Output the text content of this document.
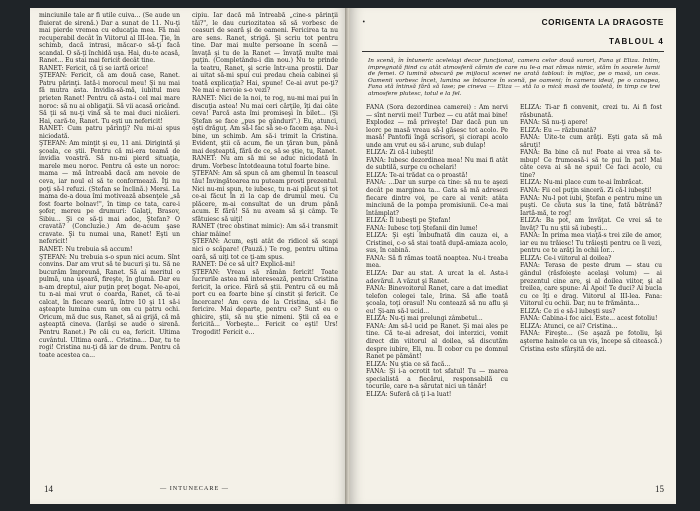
minciunile tale ar fi utile cuiva... (Se aude un fluierat de sirenă.) Dar a sunat de 11. Nu-ţi mai pierde vremea cu educaţia mea. Fă mai recuperabil decât în Viitorul al III-lea. Ţie, în schimb, dacă intrasi, măcar-o să-ţi facă scandal. O să-ţi închidă uşa. Hai, du-te acasă, Ranet... Eu stai mai fericit decât tine.
RANET: Fericit, că ţi se iartă orice!
ŞTEFAN: Fericit, că am două case, Ranet. Patru părinţi. Iată-i morocul meu! Şi nu mai fă mutra asta. Invidia-să-mă, iubitul meu prieten Ranet! Pentru că asta-i cel mai mare noroc: să nu ai obligaţii. Să vii acasă oricând. Să ţii să nu-ţi vină să te mai duci nicăieri. Hai, cară-te, Ranet. Tu eşti un nefericit!
RANET: Cum patru părinţi? Nu mi-ai spus niciodată.
ŞTEFAN: Am minţit şi eu, 11 ani. Dirigintă şi şcoala, ce ştii. Pentru că mi-era teamă de invidia voastră. Să nu-mi pierd situaţia, marele meu noroc. Pentru că este un noroc: mama — mă întreabă dacă am nevoie de ceva, iar noul el să te conformează. Îţi nu poţi să-l refuzi. (Stefan se înclină.) Mersi. La mama de-a doua îmi motivează absenţele „să fost foarte bolnav!", în timp ce tata, care-i şofer, mereu pe drumuri: Galaţi, Brasov, Sibiu... Şi ce să-ţi mai adoc, Ştefan? O cravată? (Concluzie.) Am de-acum şase cravate. Şi tu numai una, Ranet! Eşti un nefericit!
RANET: Nu trebuia să accum!
ŞTEFAN: Nu trebuia s-o spun nici acum. Sînt convins. Dar am vrut să te bucuri şi tu. Să ne bucurăm împreună, Ranet. Să ai meritul o pulmă, una uşoară, fireşte, în glumă. Dar eu n-am dreptul, aiur puţin preţ bogat. Ne-apoi, tu n-ai mai vrut o coarda, Ranet, că te-ai calcat, în fiecare seară, între 10 şi 11 să-i aşteapte lumina cum un om cu patru ochi. Oricum, mă duc sus, Ranet, să ai grijă, că mă aşteaptă cineva. (Iarăşi se aude o sirenă. Pentru Ranet.) Pe căi cu ea, fericit. Ultima cuvântul. Ultima oară... Cristina... Dar, tu te rogi! Cristina nu-ţi dă iar de drum. Pentru că toate acestea ca...
cipiu. Iar dacă mă întreabă „cine-s părinţii tăi?", le dau curiozitatea să să vorbesc de ceasuri de seară şi de oameni. Fericirea ta nu are sens. Ranet, strigă. Şi scriu tot pentru tine. Dar mai multe persoane în scenă — învaţă şi tu de la Ranet — învaţă multe mai puţin. (Completându-i din nou.) Nu te prinde la teatru, Ranet, şi scrie într-una prostii. Dar ai uitat să-mi spui cui predau cheia cabinei şi toată explicaţia? Hai, spune! Ce-ai avut pe-ţi? Ne mai e nevoie s-o vezi?
RANET: Nici de la noi, te rog, nu-mi mai pui în discuţia astea! Nu mai ceri cărţile, îţi dai câte ceva! Parcă asta îmi promiseşi în bilet... (Şi Ştefan se face „pus pe gânduri".) Eu, atunci, eşti drăguţ. Am să-l fac să se-o facem aşa. Nu-i bine, un schimb. Am să-i trimit la Cristina. Evident, ştii că acum, fie un ţăran bun, până mai deşteaptă, fără de ce, să se ştie, tu, Ranet.
RANET: Nu am să mi se aduc niciodată în drum. Vorbesc întotdeauna totul foarte bine.
ŞTEFAN: Am să spun că am ghemul în teascul tău! Învingătoarea nu puteam prosti prezentul. Nici nu-mi spun, te iubesc, tu n-ai plăcut şi tot ce-ai făcut în zi la cap de drumul meu. Cu plăcere, m-ai consultat de un drum până acum. E fără! Să nu aveam să şi câmp. Te sfătuiesc să uiţi!
RANET (trec obstinat mimic): Am să-i transmit chiar mâine!
ŞTEFAN: Acum, eşti atât de ridicol să scapi nici o scăpare! (Pauză.) Te rog, pentru ultima oară, să uiţi tot ce ţi-am spus.
RANET: De ce să uit? Explică-mi!
ŞTEFAN: Vreau să rămân fericit! Toate lucrurile astea mă interesează, pentru Cristina fericit, la orice. Fără să ştii. Pentru că eu mă port cu ea foarte bine şi cinstit şi fericit. Ce încercare! Am ceva de la Cristina, să-i fie fericire. Mai departe, pentru ce? Sunt eu o ghicire, ştii, să nu ştie nimeni. Ştii că ea e fericită... Vorbeşte... Fericit ce eşti! Urs! Trogodit! Fericit e...
14	— INTUNECARE —
•	CORIGENTA LA DRAGOSTE
TABLOUL 4
In scenă, în întuneric aceleiaşi decor funcţional, camera celor două surori, Fana şi Eliza. Intim, impregnată fiind cu atât atmosferă cămin de care nu le-a mai rămas nimic, stăm în soarele lumii de femei. O lumină obscură pe mijlocul scenei ne arată tabloul: în mijloc, pe o masă, un ceas. Oamenii vorbesc încet, lumina se întoarce în scenă, pe oameni; în camera ideal, pe o canapea, Fana stă întinsă fără să lase; pe cineva — Eliza — stă la o mică masă de toaletă, în timp ce trei atmosfere plutesc, totul e la fel.
FANA (Sora dezordinea camerei) : Am nervi — sînt nervii mei! Turbez — cu atât mai bine! Explodez — mă priveşte! Dar dacă pun un leorc pe masă vreau să-l găsesc tot acolo. Pe masă! Pantofii îngă scrisori, şi ciorapi acolo unde am vrut eu să-i arunc, sub dulap!
ELIZA: Zi că-l iubeşti!
FANA: Iubesc dezordinea mea! Nu mai fi atât de subtilă, surpe cu ochelari!
ELIZA: Te-ai trădat ca o proastă!
FANA: ...Dar un surpe ca tine: să nu te aşezi decât pe marginea ta... Gata să mă adresezi fiecare dintre voi, pe care ai venit: atâta minciună de la pompa promisiunii. Ce-a mai întâmplat?
ELIZA: Îl iubeşti pe Ştefan!
FANA: Iubesc toţi Ştefanii din lume!
ELIZA: Şi eşti îmbufnată din cauza ei, a Cristinei, c-o să stai toată după-amiaza acolo, sus, în cabină.
FANA: Să fi rămas toată noaptea. Nu-i treaba mea.
ELIZA: Dar au stat. A urcat la el. Asta-i adevărul. A văzut şi Ranet.
FANA: Binevoitorul Ranet, care a dat imediat telefon colegei tale, Irina. Să afle toată şcoala, toţi orasul! Nu contează să nu aflu şi eu! Şi-am să-l ucid...
ELIZA: Nu-ţi mai prelungi zâmbetul...
FANA: Am să-l ucid pe Ranet. Şi mai ales pe tine. Că te-ai adresat, doi interzici, vomit direct din viitorul al doilea, să discutăm despre iubire, Eli, nu. Îl cobor cu pe domnul Ranet pe pământ!
ELIZA: Nu ştia ce să facă...
FANA: Şi i-a ocrotit tot sfatul! Tu — marea specialistă a fiecărui, responsabilă cu tocurile, care n-a sărutat nici un tânăr!
ELIZA: Suferă că ţi l-a luat!
ELIZA: Ti-ar fi convenit, crezi tu. Ai fi fost răsbunată.
FANA: Să nu-ţi apere!
ELIZA: Eu — răzbunată?
FANA: Uite-te cum arăţi. Eşti gata să mă săruţi!
FANA: Ba bine că nu! Poate ai vrea să te-mbup! Ce frumoasă-i să te pui în pat! Mai câte ceva ai să ne spui! Ce faci acolo, cu tine?
ELIZA: Nu-mi place cum te-ai îmbrăcat.
FANA: Fii cel puţin sinceră. Zi că-l iubeşti!
FANA: Nu-l pot iubi, Ştefan e pentru mine un puşti. Ce căuta sus la tine, fată bătrână? Iartă-mă, te rog!
ELIZA: Ba pot, am învăţat. Ce vrei să te învăţ? Tu nu ştii să iubeşti...
FANA: În prima mea viaţă-s trei zile de amor, iar eu nu trăiesc! Tu trăieşti pentru ce îi vezi, pentru ce te arăţi în ochii lor...
ELIZA: Ce-i viitorul al doilea?
FANA: Terasa de peste drum — stau cu gândul (răsfoieşte acelaşi volum) — ai prezentul cine are, şi al doilea viitor, şi al treilea, care spune: Ai Apoi! Te duci? Ai bucla cu ce îţi e drag. Viitorul al III-lea. Fana: Viitorul cu ochii. Dar, nu te frământa...
ELIZA: Ce zi e să-l iubeşti sus?
FANA: Cabina-i foc aici. Este... acest fotoliu!
ELIZA: Atunci, ce ai? Cristina...
FANA: Fireşte... (Se aşază pe fotoliu, îşi aşterne hainele ca un vis, începe să citească.) Cristina este sfârşită de azi.
15
